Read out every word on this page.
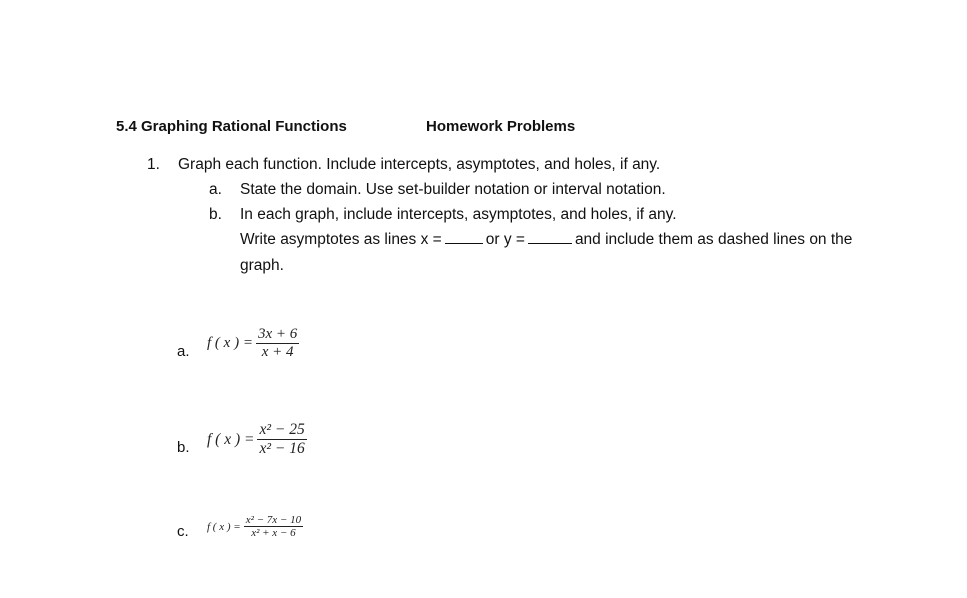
5.4 Graphing Rational Functions	Homework Problems
1. Graph each function. Include intercepts, asymptotes, and holes, if any.
a. State the domain. Use set-builder notation or interval notation.
b. In each graph, include intercepts, asymptotes, and holes, if any.
Write asymptotes as lines x =	or y =	and include them as dashed lines on the
graph.
a. f ( x ) = $\frac{3x + 6}{x + 4}$
b. f ( x ) = $\frac{\text{x² − 25}}{\text{x² − 16}}$
c. f ( x ) = $\frac{\text{x² − 7x − 10}}{\text{x² + x − 6}}$
